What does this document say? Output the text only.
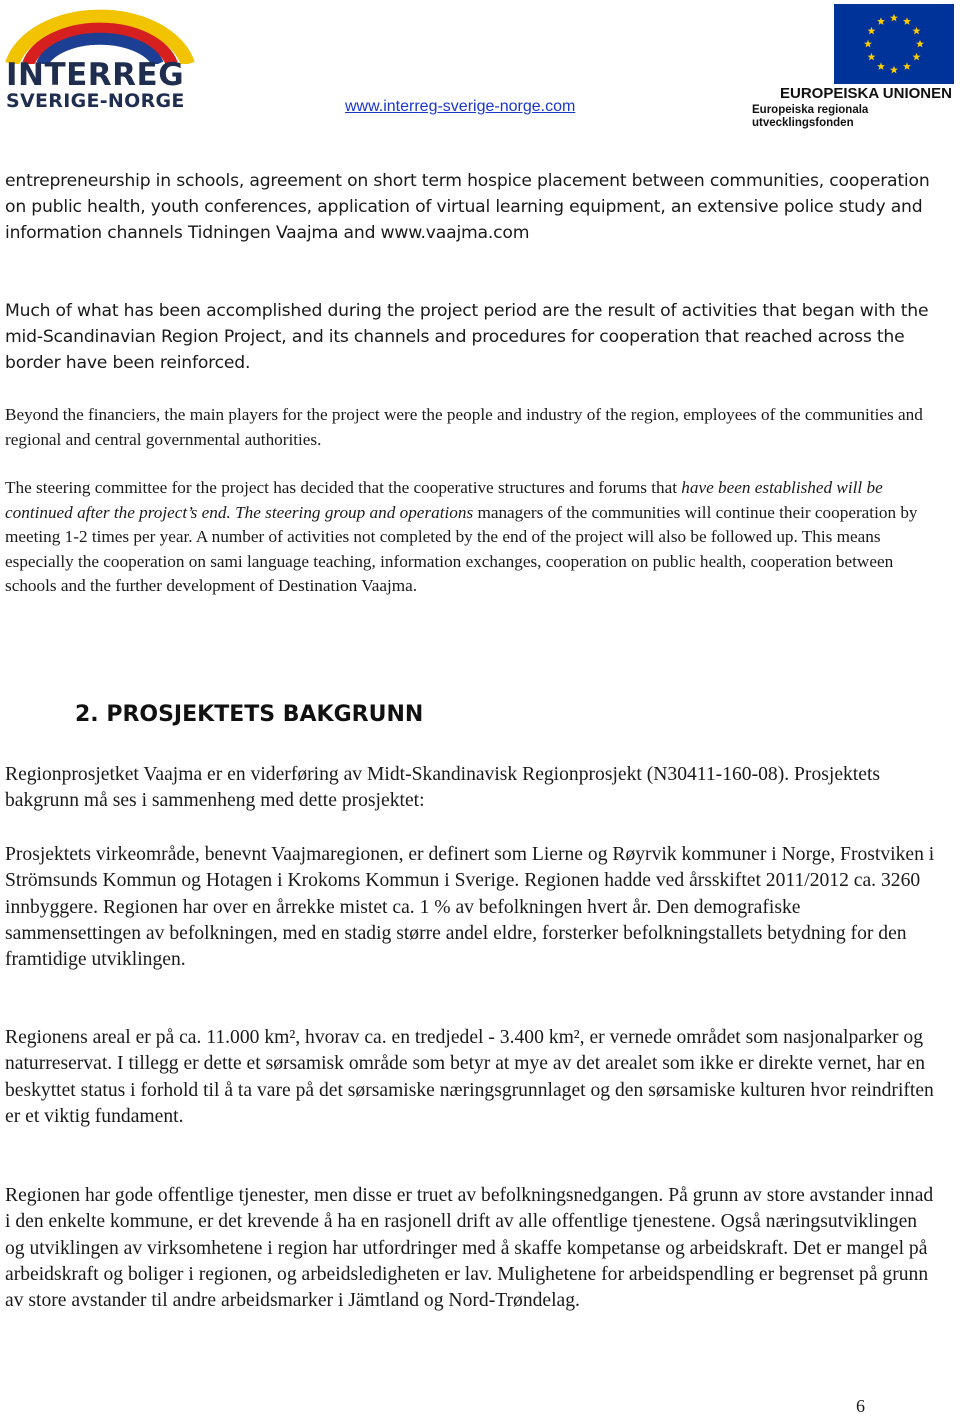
INTERREG
SVERIGE-NORGE	www.interreg-sverige-norge.com
EUROPEISKA UNIONEN
Europeiska regionala utvecklingsfonden

entrepreneurship in schools, agreement on short term hospice placement between communities, cooperation on public health, youth conferences, application of virtual learning equipment, an extensive police study and information channels Tidningen Vaajma and www.vaajma.com

Much of what has been accomplished during the project period are the result of activities that began with the mid-Scandinavian Region Project, and its channels and procedures for cooperation that reached across the border have been reinforced.

Beyond the financiers, the main players for the project were the people and industry of the region, employees of the communities and regional and central governmental authorities.

The steering committee for the project has decided that the cooperative structures and forums that have been established will be continued after the project’s end. The steering group and operations managers of the communities will continue their cooperation by meeting 1-2 times per year. A number of activities not completed by the end of the project will also be followed up. This means especially the cooperation on sami language teaching, information exchanges, cooperation on public health, cooperation between schools and the further development of Destination Vaajma.

2. PROSJEKTETS BAKGRUNN

Regionprosjetket Vaajma er en viderføring av Midt-Skandinavisk Regionprosjekt (N30411-160-08). Prosjektets bakgrunn må ses i sammenheng med dette prosjektet:

Prosjektets virkeområde, benevnt Vaajmaregionen, er definert som Lierne og Røyrvik kommuner i Norge, Frostviken i Strömsunds Kommun og Hotagen i Krokoms Kommun i Sverige. Regionen hadde ved årsskiftet 2011/2012 ca. 3260 innbyggere. Regionen har over en årrekke mistet ca. 1 % av befolkningen hvert år. Den demografiske sammensettingen av befolkningen, med en stadig større andel eldre, forsterker befolkningstallets betydning for den framtidige utviklingen.

Regionens areal er på ca. 11.000 km², hvorav ca. en tredjedel - 3.400 km², er vernede området som nasjonalparker og naturreservat. I tillegg er dette et sørsamisk område som betyr at mye av det arealet som ikke er direkte vernet, har en beskyttet status i forhold til å ta vare på det sørsamiske næringsgrunnlaget og den sørsamiske kulturen hvor reindriften er et viktig fundament.

Regionen har gode offentlige tjenester, men disse er truet av befolkningsnedgangen. På grunn av store avstander innad i den enkelte kommune, er det krevende å ha en rasjonell drift av alle offentlige tjenestene. Også næringsutviklingen og utviklingen av virksomhetene i region har utfordringer med å skaffe kompetanse og arbeidskraft. Det er mangel på arbeidskraft og boliger i regionen, og arbeidsledigheten er lav. Mulighetene for arbeidspendling er begrenset på grunn av store avstander til andre arbeidsmarker i Jämtland og Nord-Trøndelag.

6
